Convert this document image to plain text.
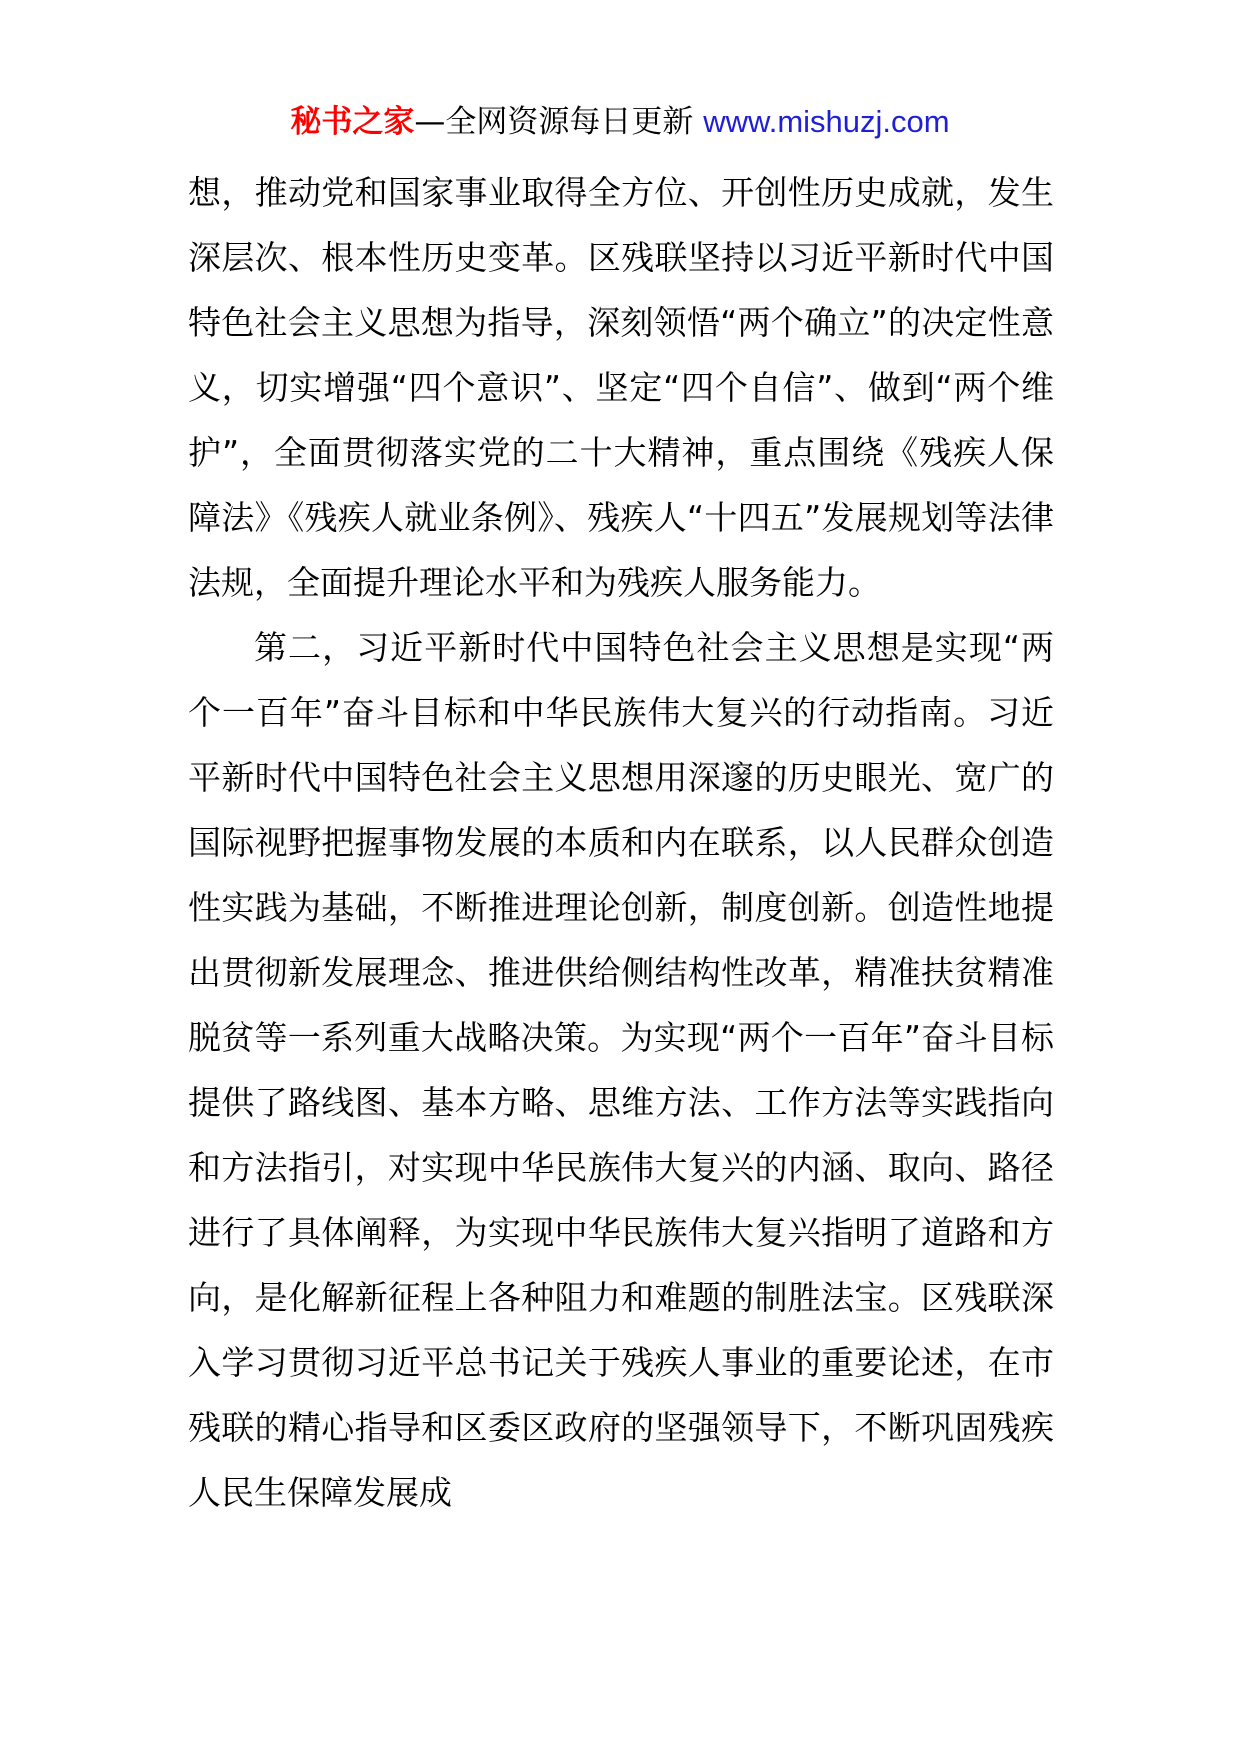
秘书之家—全网资源每日更新 www.mishuzj.com

想，推动党和国家事业取得全方位、开创性历史成就，发生深层次、根本性历史变革。区残联坚持以习近平新时代中国特色社会主义思想为指导，深刻领悟“两个确立”的决定性意义，切实增强“四个意识”、坚定“四个自信”、做到“两个维护”，全面贯彻落实党的二十大精神，重点围绕《残疾人保障法》《残疾人就业条例》、残疾人“十四五”发展规划等法律法规，全面提升理论水平和为残疾人服务能力。

第二，习近平新时代中国特色社会主义思想是实现“两个一百年”奋斗目标和中华民族伟大复兴的行动指南。习近平新时代中国特色社会主义思想用深邃的历史眼光、宽广的国际视野把握事物发展的本质和内在联系，以人民群众创造性实践为基础，不断推进理论创新，制度创新。创造性地提出贯彻新发展理念、推进供给侧结构性改革，精准扶贫精准脱贫等一系列重大战略决策。为实现“两个一百年”奋斗目标提供了路线图、基本方略、思维方法、工作方法等实践指向和方法指引，对实现中华民族伟大复兴的内涵、取向、路径进行了具体阐释，为实现中华民族伟大复兴指明了道路和方向，是化解新征程上各种阻力和难题的制胜法宝。区残联深入学习贯彻习近平总书记关于残疾人事业的重要论述，在市残联的精心指导和区委区政府的坚强领导下，不断巩固残疾人民生保障发展成
